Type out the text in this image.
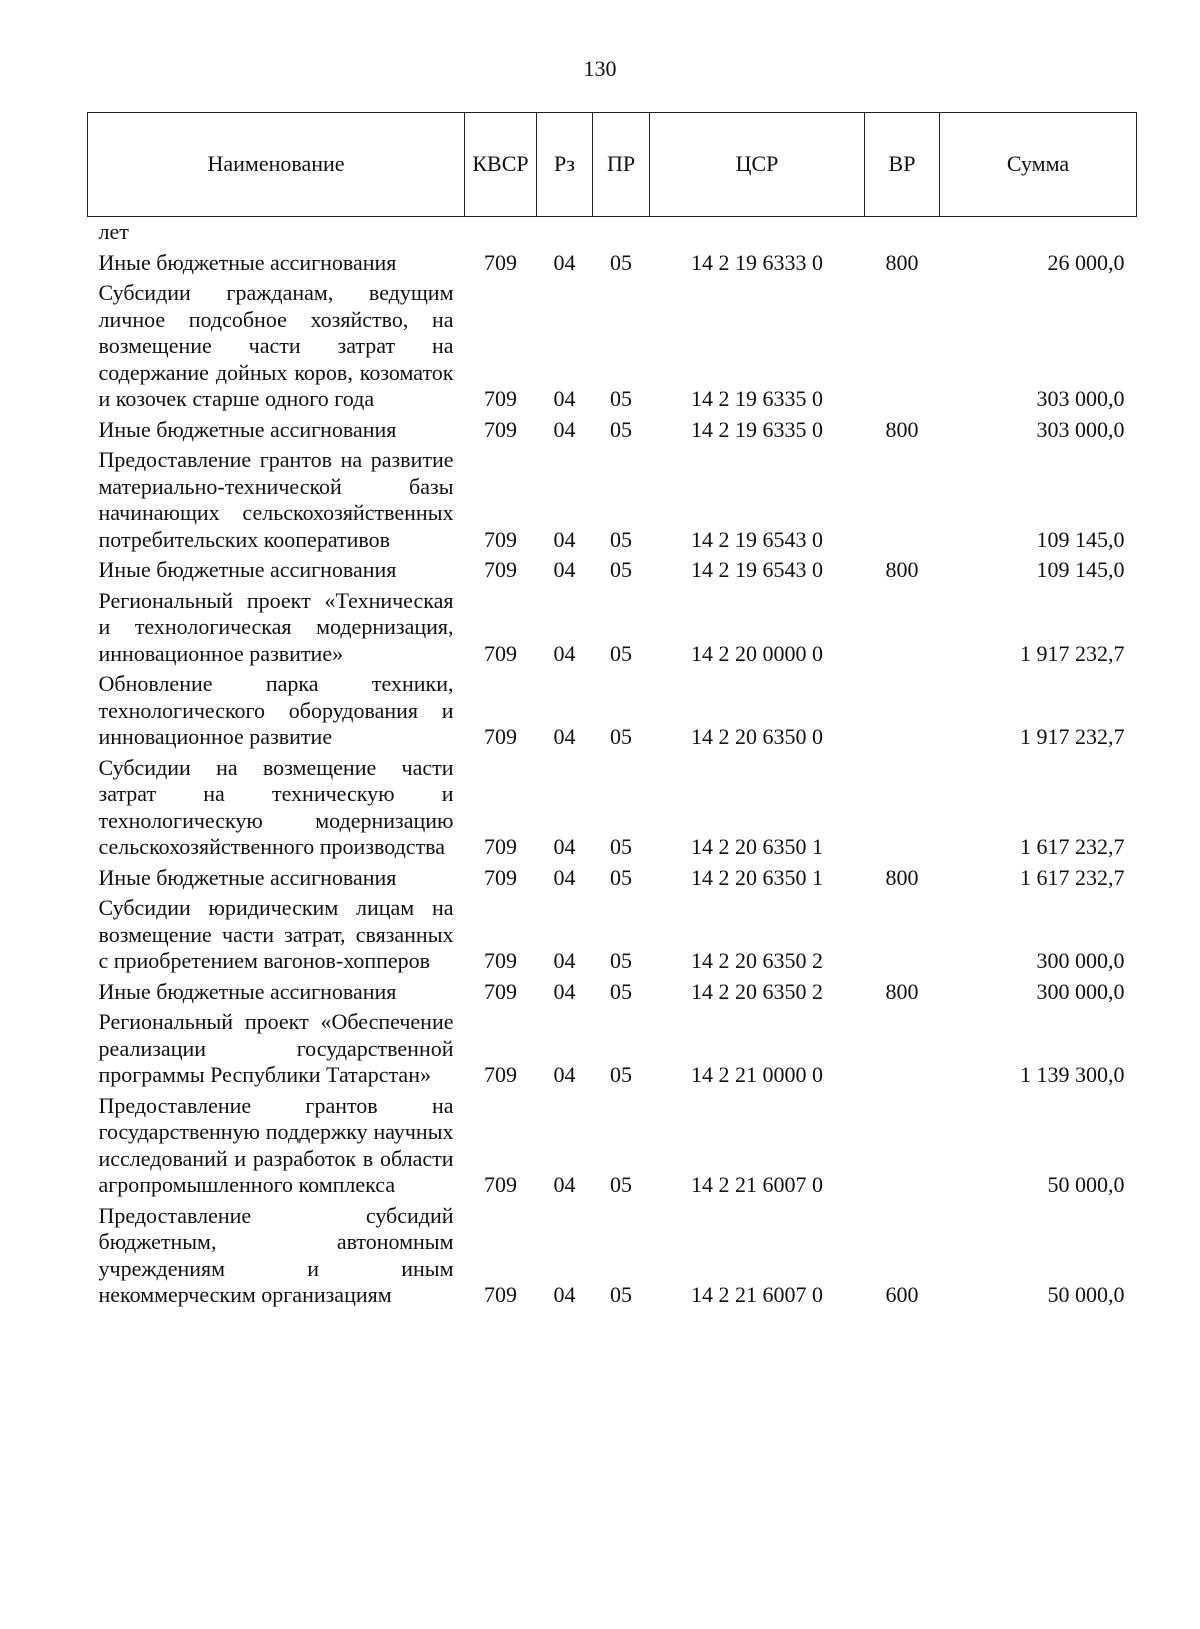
130
Наименование	КВСР	Рз	ПР	ЦСР	ВР	Сумма
лет						
Иные бюджетные ассигнования	709	04	05	14 2 19 6333 0	800	26 000,0
Субсидии гражданам, ведущим личное подсобное хозяйство, на возмещение части затрат на содержание дойных коров, козоматок и козочек старше одного года	709	04	05	14 2 19 6335 0		303 000,0
Иные бюджетные ассигнования	709	04	05	14 2 19 6335 0	800	303 000,0
Предоставление грантов на развитие материально-технической базы начинающих сельскохозяйственных потребительских кооперативов	709	04	05	14 2 19 6543 0		109 145,0
Иные бюджетные ассигнования	709	04	05	14 2 19 6543 0	800	109 145,0
Региональный проект «Техническая и технологическая модернизация, инновационное развитие»	709	04	05	14 2 20 0000 0		1 917 232,7
Обновление парка техники, технологического оборудования и инновационное развитие	709	04	05	14 2 20 6350 0		1 917 232,7
Субсидии на возмещение части затрат на техническую и технологическую модернизацию сельскохозяйственного производства	709	04	05	14 2 20 6350 1		1 617 232,7
Иные бюджетные ассигнования	709	04	05	14 2 20 6350 1	800	1 617 232,7
Субсидии юридическим лицам на возмещение части затрат, связанных с приобретением вагонов-хопперов	709	04	05	14 2 20 6350 2		300 000,0
Иные бюджетные ассигнования	709	04	05	14 2 20 6350 2	800	300 000,0
Региональный проект «Обеспечение реализации государственной программы Республики Татарстан»	709	04	05	14 2 21 0000 0		1 139 300,0
Предоставление грантов на государственную поддержку научных исследований и разработок в области агропромышленного комплекса	709	04	05	14 2 21 6007 0		50 000,0
Предоставление субсидий бюджетным, автономным учреждениям и иным некоммерческим организациям	709	04	05	14 2 21 6007 0	600	50 000,0
